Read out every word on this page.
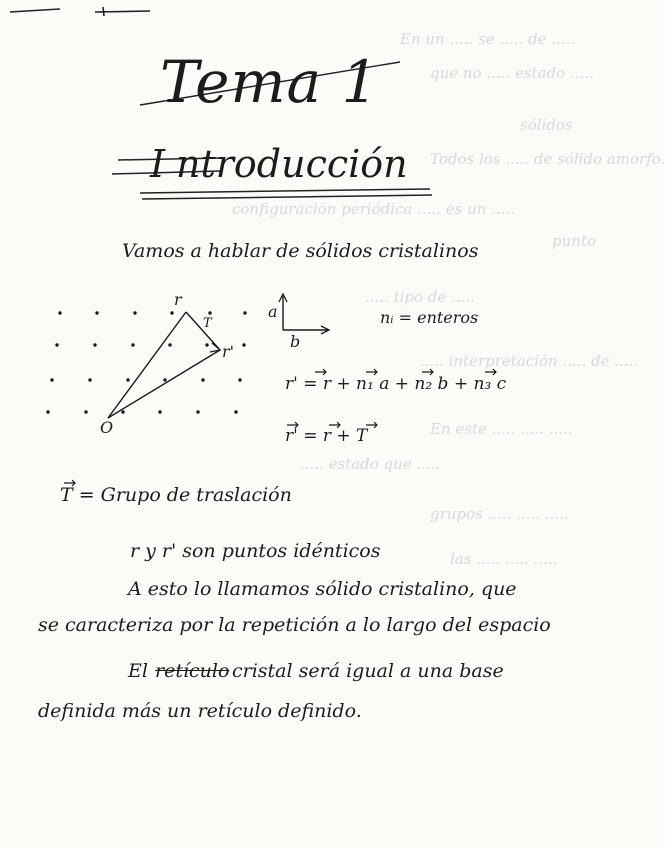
En un ..... se ..... de .....
que no ..... estado .....
sólidos
Todos los ..... de sólido amorfo.
configuración periódica ..... es un .....
punto
..... tipo de .....
..... interpretación ..... de .....
En este ..... ..... .....
..... estado que .....
grupos ..... ..... .....
las ..... ..... .....
Tema 1
I ntroducción
Vamos a hablar de sólidos cristalinos
r
T
r'
O
a
b
nᵢ = enteros
r' = r + n₁ a + n₂ b + n₃ c
r' = r + T
T = Grupo de traslación
r y r' son puntos idénticos
A esto lo llamamos sólido cristalino, que
se caracteriza por la repetición a lo largo del espacio
El retículo cristal será igual a una base
definida más un retículo definido.
